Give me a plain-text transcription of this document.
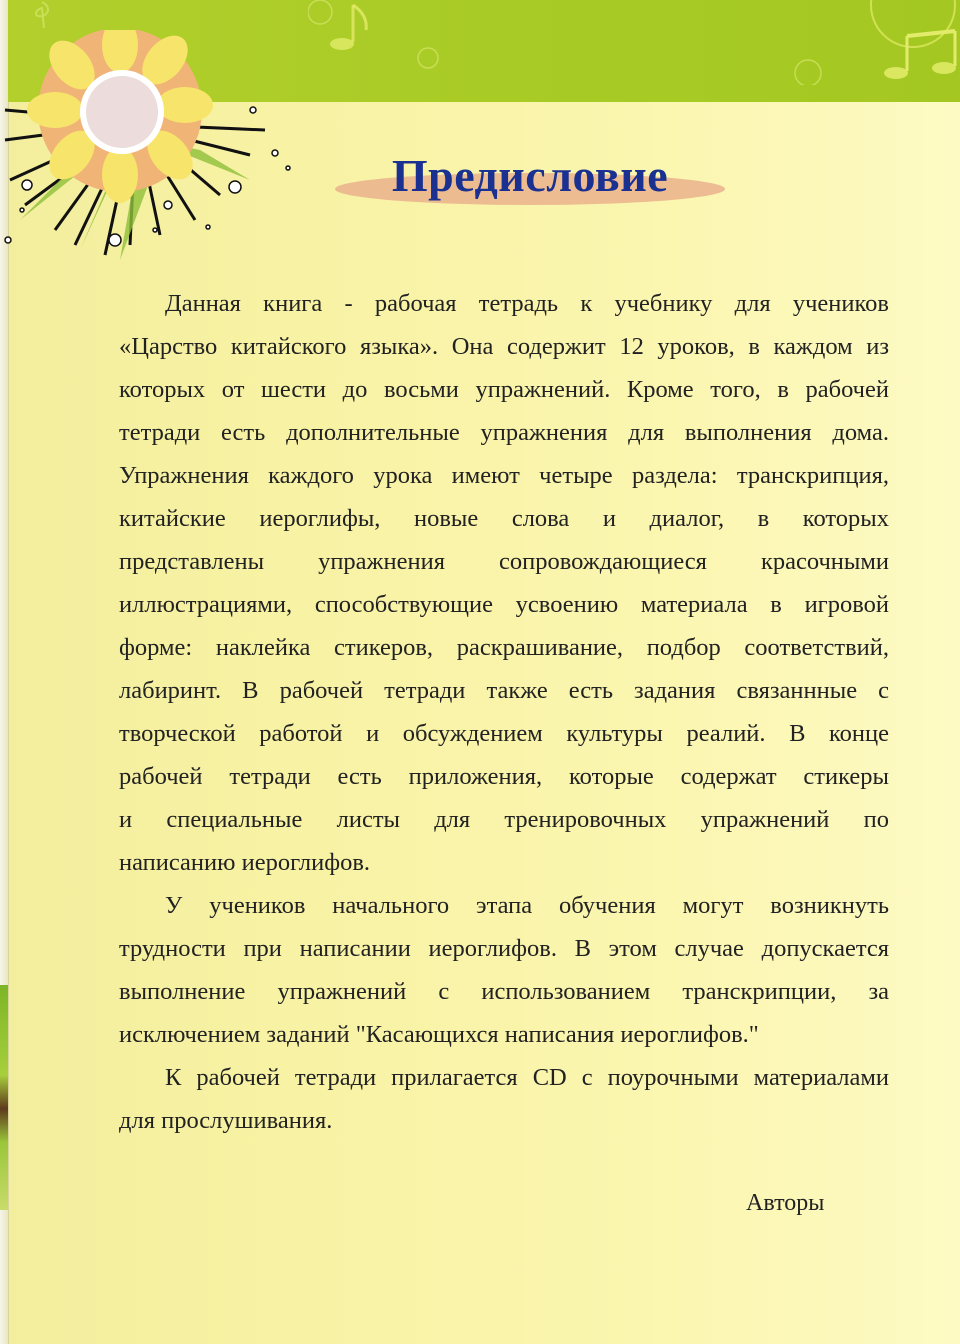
Предисловие
Данная книга - рабочая тетрадь к учебнику для учеников
«Царство китайского языка». Она содержит 12 уроков, в каждом из
которых от шести до восьми упражнений. Кроме того, в рабочей
тетради есть дополнительные упражнения для выполнения дома.
Упражнения каждого урока имеют четыре раздела: транскрипция,
китайские иероглифы, новые слова и диалог, в которых
представлены упражнения сопровождающиеся красочными
иллюстрациями, способствующие усвоению материала в игровой
форме: наклейка стикеров, раскрашивание, подбор соответствий,
лабиринт. В рабочей тетради также есть задания связаннные с
творческой работой и обсуждением культуры реалий. В конце
рабочей тетради есть приложения, которые содержат стикеры
и специальные листы для тренировочных упражнений по
написанию иероглифов.
У учеников начального этапа обучения могут возникнуть
трудности при написании иероглифов. В этом случае допускается
выполнение упражнений с использованием транскрипции, за
исключением заданий "Касающихся написания иероглифов."
К рабочей тетради прилагается CD с поурочными материалами
для прослушивания.
Авторы
